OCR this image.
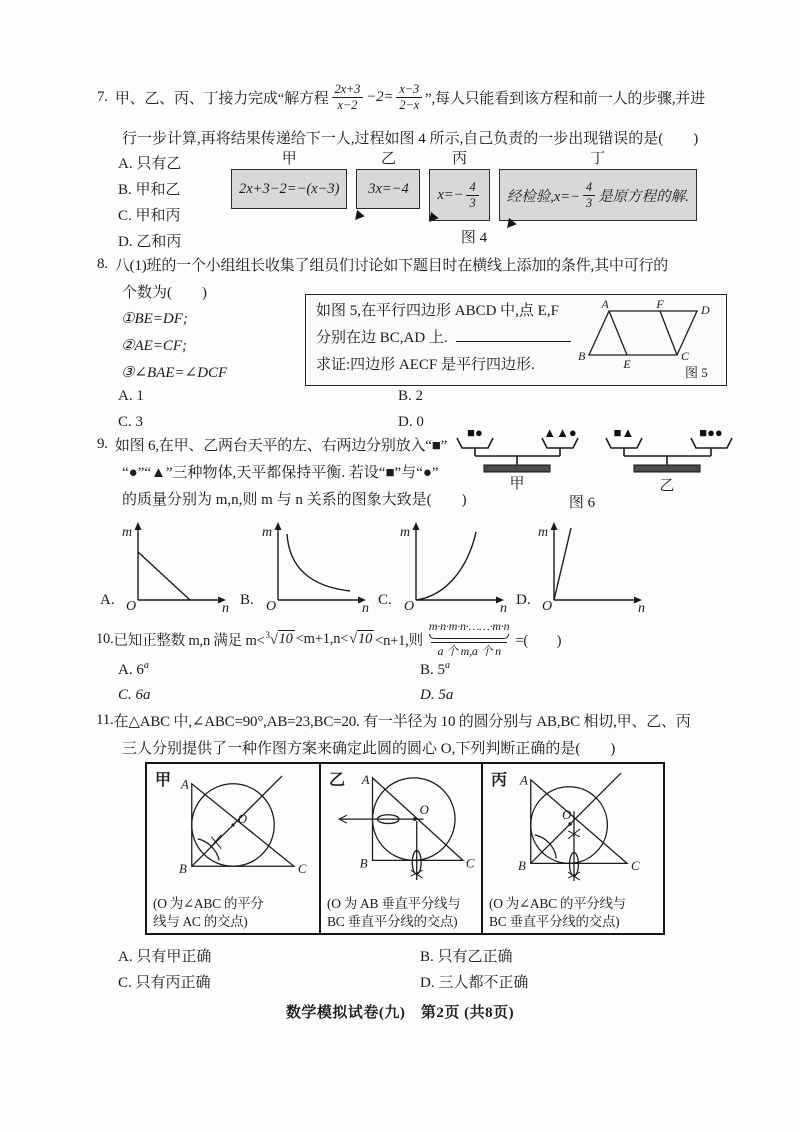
7. 甲、乙、丙、丁接力完成“解方程 $\frac{2x+3}{x-2} -2= \frac{x-3}{2-x}$ ”,每人只能看到该方程和前一人的步骤,并进
行一步计算,再将结果传递给下一人,过程如图 4 所示,自己负责的一步出现错误的是(　　)
A. 只有乙
B. 甲和乙
C. 甲和丙
D. 乙和丙
甲
2x+3−2=−(x−3)
乙
3x=−4
丙
$x=- \frac{4}{3}$
丁
经检验$,x=- \frac{4}{3}$ 是原方程的解.
图 4
8. 八(1)班的一个小组组长收集了组员们讨论如下题目时在横线上添加的条件,其中可行的
个数为(　　)
①BE=DF;
②AE=CF;
③∠BAE=∠DCF
如图 5,在平行四边形 ABCD 中,点 E,F
分别在边 BC,AD 上.
求证:四边形 AECF 是平行四边形.
A	F	D
B
E
C
图 5
A. 1	B. 2
C. 3	D. 0
9. 如图 6,在甲、乙两台天平的左、右两边分别放入“■”
“●”“▲”三种物体,天平都保持平衡. 若设“■”与“●”
的质量分别为 m,n,则 m 与 n 关系的图象大致是(　　)
■●	▲▲●	■▲	■●●
甲	乙
图 6
m
n
O
A.
m
n
O
B.
m
n
O
C.
m
n
O
D.
10. 已知正整数 m,n 满足 m< $^3$√10 <m+1,n< √10 <n+1,则
m·n·m·n·……·m·n
a 个 m,a 个 n
=(　　)
A. 6$^a$	B. 5$^a$
C. 6a	D. 5a
11. 在△ABC 中,∠ABC=90°,AB=23,BC=20. 有一半径为 10 的圆分别与 AB,BC 相切,甲、乙、丙
三人分别提供了一种作图方案来确定此圆的圆心 O,下列判断正确的是(　　)
甲 A
B	C
O
(O 为∠ABC 的平分
线与 AC 的交点)
乙 A
B	C
O
(O 为 AB 垂直平分线与
BC 垂直平分线的交点)
A
B	C
O
丙
(O 为∠ABC 的平分线与
BC 垂直平分线的交点)
A. 只有甲正确	B. 只有乙正确
C. 只有丙正确	D. 三人都不正确
数学模拟试卷(九)　第2页 (共8页)
